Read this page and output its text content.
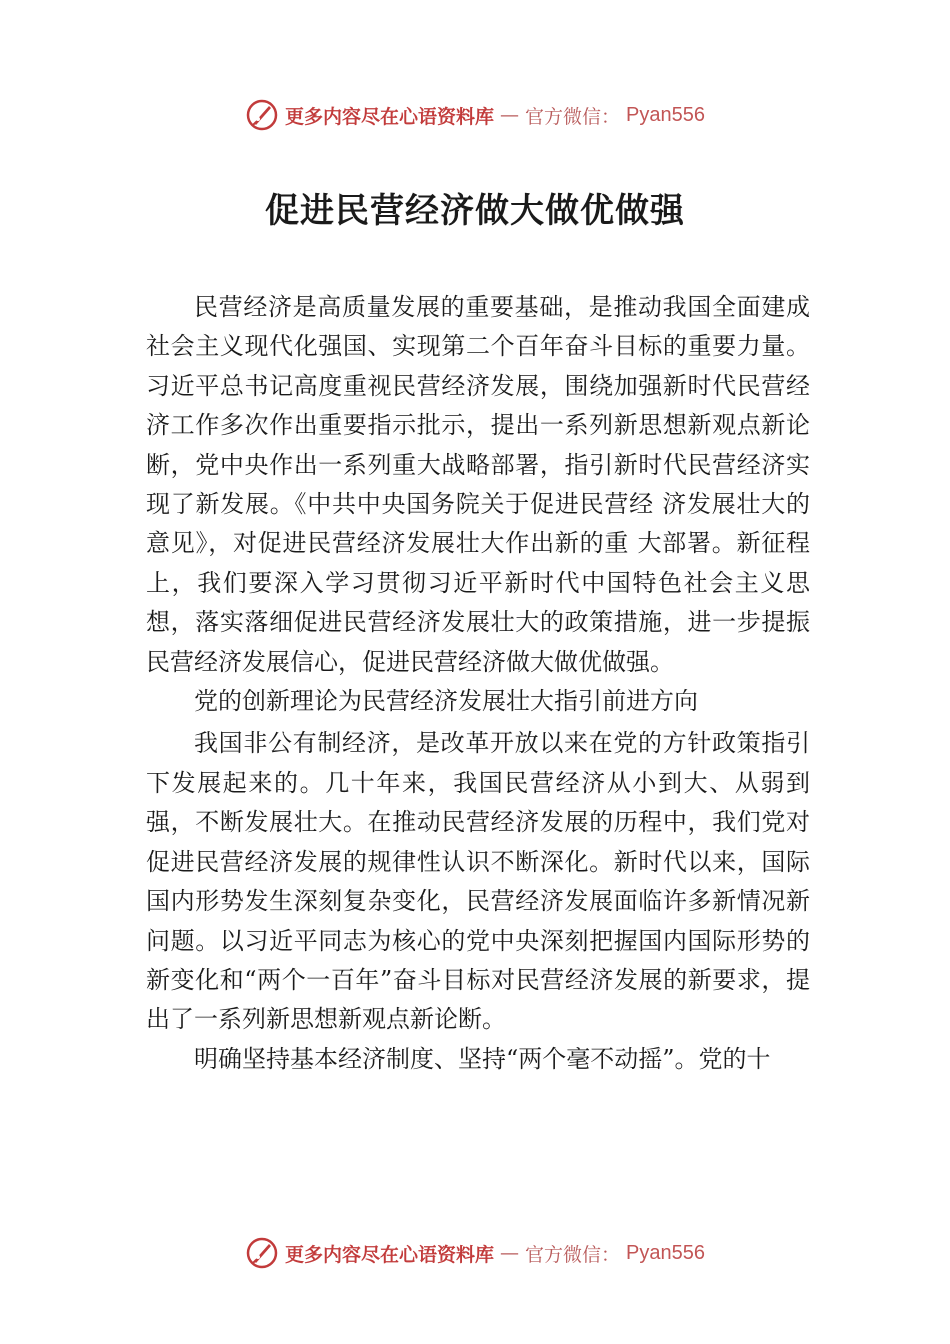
更多内容尽在心语资料库 — 官方微信： Pyan556
促进民营经济做大做优做强

民营经济是高质量发展的重要基础，是推动我国全面建成社会主义现代化强国、实现第二个百年奋斗目标的重要力量。习近平总书记高度重视民营经济发展，围绕加强新时代民营经济工作多次作出重要指示批示，提出一系列新思想新观点新论断，党中央作出一系列重大战略部署，指引新时代民营经济实现了新发展。《中共中央国务院关于促进民营经 济发展壮大的意见》，对促进民营经济发展壮大作出新的重 大部署。新征程上，我们要深入学习贯彻习近平新时代中国特色社会主义思想，落实落细促进民营经济发展壮大的政策措施，进一步提振民营经济发展信心，促进民营经济做大做优做强。

党的创新理论为民营经济发展壮大指引前进方向

我国非公有制经济，是改革开放以来在党的方针政策指引下发展起来的。几十年来，我国民营经济从小到大、从弱到强，不断发展壮大。在推动民营经济发展的历程中，我们党对促进民营经济发展的规律性认识不断深化。新时代以来，国际国内形势发生深刻复杂变化，民营经济发展面临许多新情况新问题。以习近平同志为核心的党中央深刻把握国内国际形势的新变化和“两个一百年”奋斗目标对民营经济发展的新要求，提出了一系列新思想新观点新论断。

明确坚持基本经济制度、坚持“两个毫不动摇”。党的十

更多内容尽在心语资料库 — 官方微信： Pyan556
